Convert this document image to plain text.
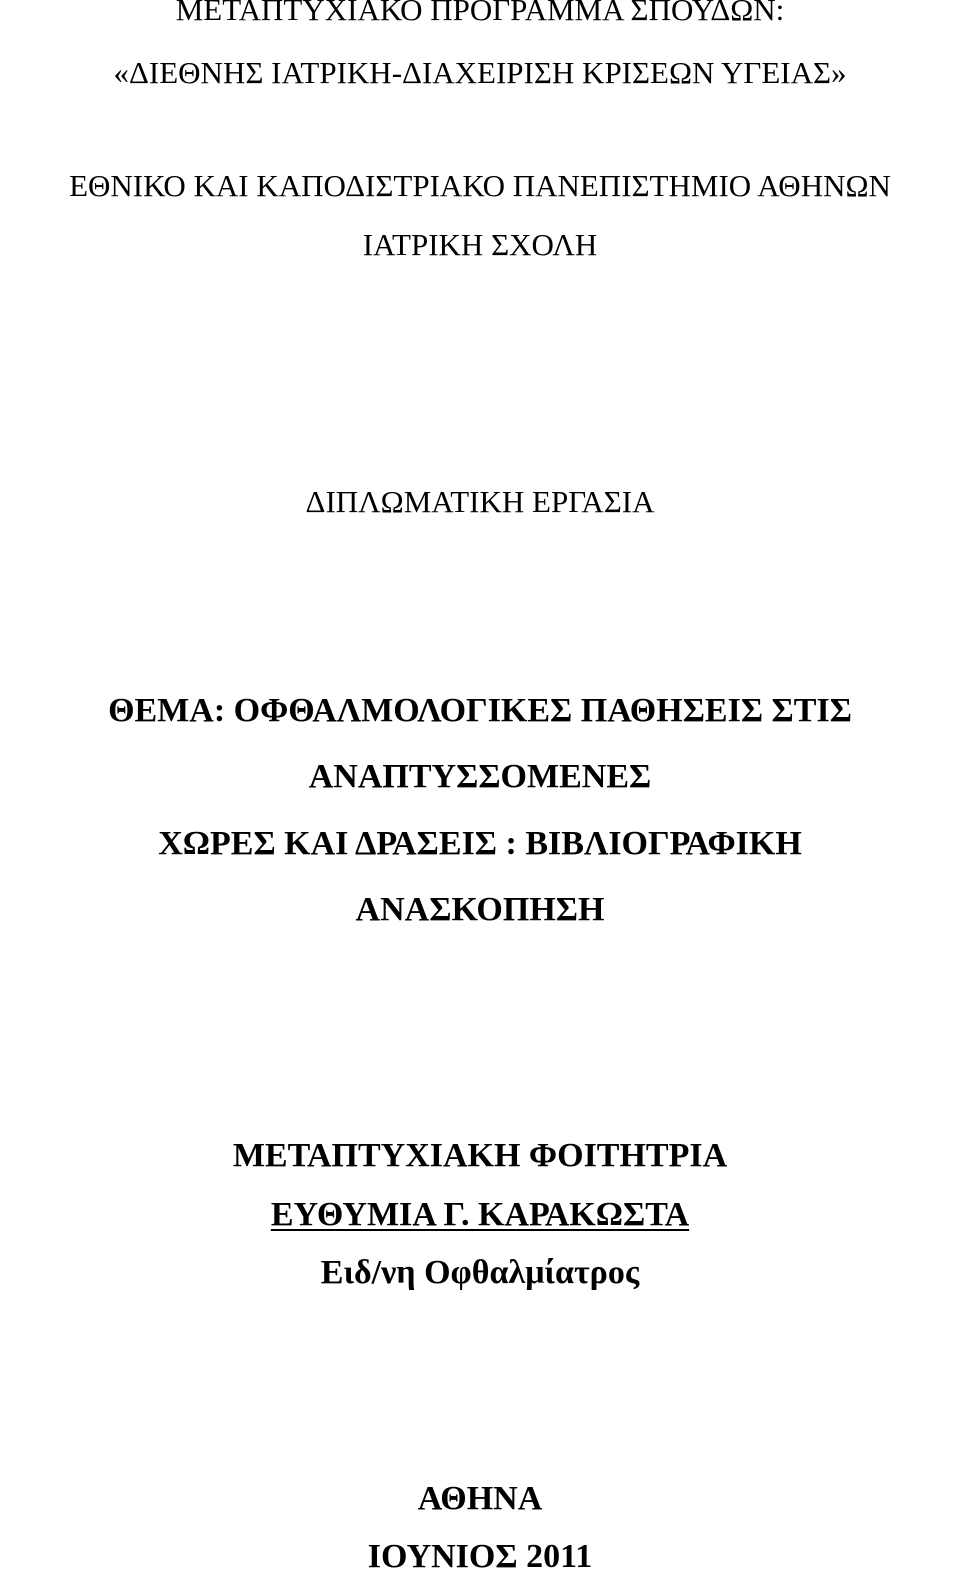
ΜΕΤΑΠΤΥΧΙΑΚΟ ΠΡΟΓΡΑΜΜΑ ΣΠΟΥΔΩΝ:
«ΔΙΕΘΝΗΣ ΙΑΤΡΙΚΗ-ΔΙΑΧΕΙΡΙΣΗ ΚΡΙΣΕΩΝ ΥΓΕΙΑΣ»
ΕΘΝΙΚΟ ΚΑΙ ΚΑΠΟΔΙΣΤΡΙΑΚΟ ΠΑΝΕΠΙΣΤΗΜΙΟ ΑΘΗΝΩΝ
ΙΑΤΡΙΚΗ ΣΧΟΛΗ
ΔΙΠΛΩΜΑΤΙΚΗ ΕΡΓΑΣΙΑ
ΘΕΜΑ: ΟΦΘΑΛΜΟΛΟΓΙΚΕΣ ΠΑΘΗΣΕΙΣ ΣΤΙΣ
ΑΝΑΠΤΥΣΣΟΜΕΝΕΣ
ΧΩΡΕΣ ΚΑΙ ΔΡΑΣΕΙΣ : ΒΙΒΛΙΟΓΡΑΦΙΚΗ
ΑΝΑΣΚΟΠΗΣΗ
ΜΕΤΑΠΤΥΧΙΑΚΗ ΦΟΙΤΗΤΡΙΑ
ΕΥΘΥΜΙΑ Γ. ΚΑΡΑΚΩΣΤΑ
Ειδ/νη Οφθαλμίατρος
ΑΘΗΝΑ
ΙΟΥΝΙΟΣ 2011
